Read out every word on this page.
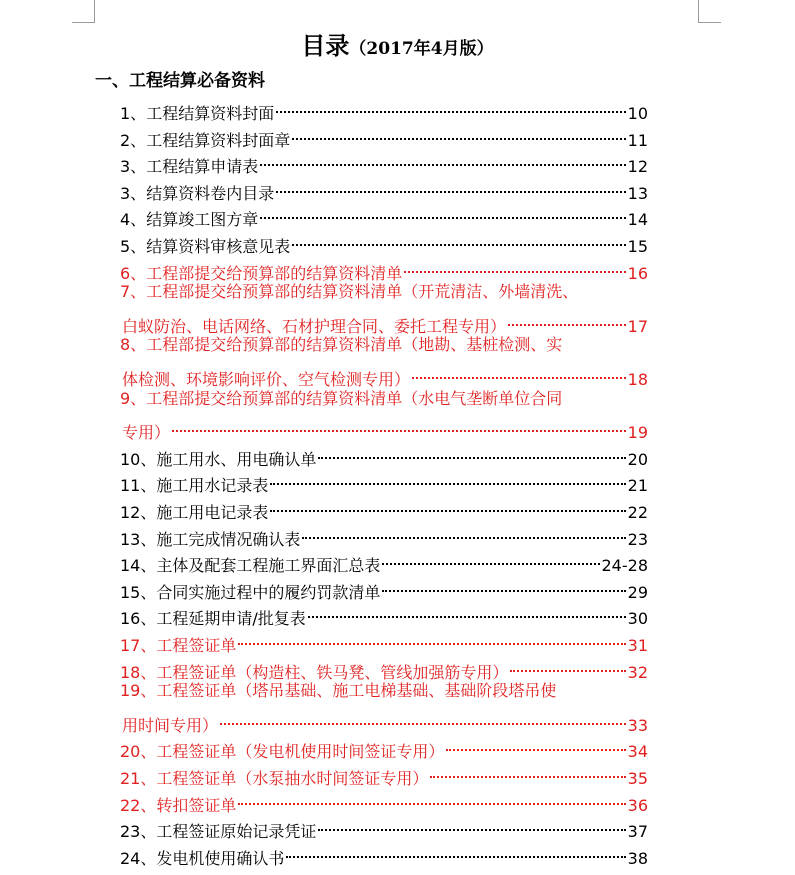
目录（2017年4月版）
一、工程结算必备资料
1、工程结算资料封面	10
2、工程结算资料封面章	11
3、工程结算申请表	12
3、结算资料卷内目录	13
4、结算竣工图方章	14
5、结算资料审核意见表	15
6、工程部提交给预算部的结算资料清单	16
7、工程部提交给预算部的结算资料清单（开荒清洁、外墙清洗、
白蚁防治、电话网络、石材护理合同、委托工程专用）	17
8、工程部提交给预算部的结算资料清单（地勘、基桩检测、实
体检测、环境影响评价、空气检测专用）	18
9、工程部提交给预算部的结算资料清单（水电气垄断单位合同
专用）	19
10、施工用水、用电确认单	20
11、施工用水记录表	21
12、施工用电记录表	22
13、施工完成情况确认表	23
14、主体及配套工程施工界面汇总表	24-28
15、合同实施过程中的履约罚款清单	29
16、工程延期申请/批复表	30
17、工程签证单	31
18、工程签证单（构造柱、铁马凳、管线加强筋专用）	32
19、工程签证单（塔吊基础、施工电梯基础、基础阶段塔吊使
用时间专用）	33
20、工程签证单（发电机使用时间签证专用）	34
21、工程签证单（水泵抽水时间签证专用）	35
22、转扣签证单	36
23、工程签证原始记录凭证	37
24、发电机使用确认书	38
